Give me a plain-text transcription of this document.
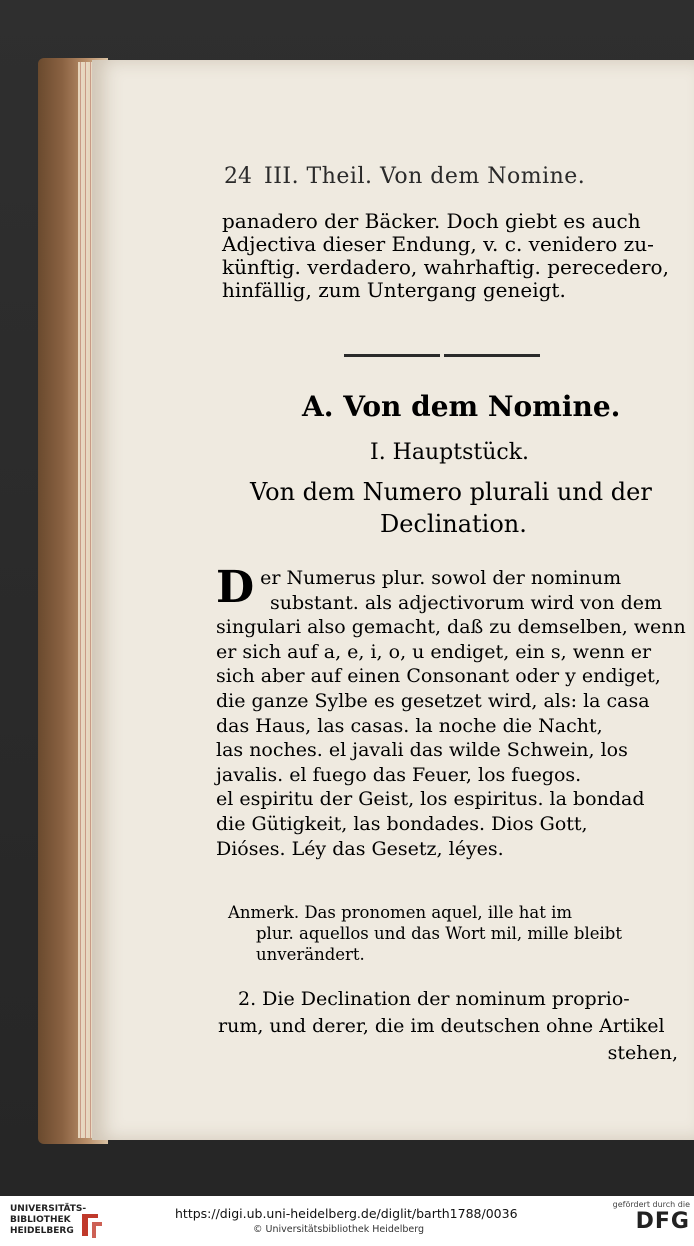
24 III. Theil. Von dem Nomine.
panadero der Bäcker. Doch giebt es auch
Adjectiva dieser Endung, v. c. venidero zu-
künftig. verdadero, wahrhaftig. perecedero,
hinfällig, zum Untergang geneigt.
A. Von dem Nomine.
I. Hauptstück.
Von dem Numero plurali und der
Declination.
D er Numerus plur. sowol der nominum
substant. als adjectivorum wird von dem
singulari also gemacht, daß zu demselben, wenn
er sich auf a, e, i, o, u endiget, ein s, wenn er
sich aber auf einen Consonant oder y endiget,
die ganze Sylbe es gesetzet wird, als: la casa
das Haus, las casas. la noche die Nacht,
las noches. el javali das wilde Schwein, los
javalis. el fuego das Feuer, los fuegos.
el espiritu der Geist, los espiritus. la bondad
die Gütigkeit, las bondades. Dios Gott,
Dióses. Léy das Gesetz, léyes.
Anmerk. Das pronomen aquel, ille hat im
plur. aquellos und das Wort mil, mille bleibt
unverändert.
2. Die Declination der nominum proprio-
rum, und derer, die im deutschen ohne Artikel
stehen,
UNIVERSITÄTS-
BIBLIOTHEK
HEIDELBERG
https://digi.ub.uni-heidelberg.de/diglit/barth1788/0036
© Universitätsbibliothek Heidelberg
gefördert durch die
DFG
